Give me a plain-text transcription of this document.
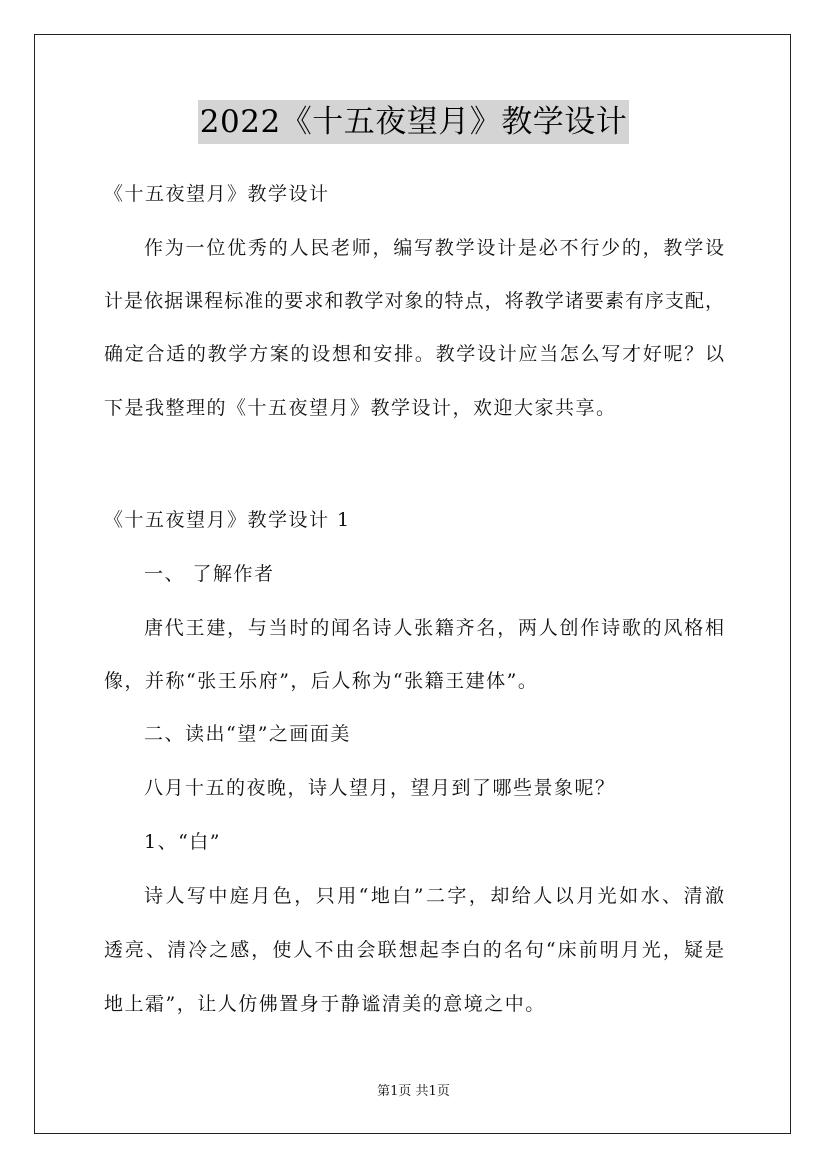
2022《十五夜望月》教学设计
《十五夜望月》教学设计
作为一位优秀的人民老师，编写教学设计是必不行少的，教学设
计是依据课程标准的要求和教学对象的特点，将教学诸要素有序支配，
确定合适的教学方案的设想和安排。教学设计应当怎么写才好呢？以
下是我整理的《十五夜望月》教学设计，欢迎大家共享。
《十五夜望月》教学设计 1
一、 了解作者
唐代王建，与当时的闻名诗人张籍齐名，两人创作诗歌的风格相
像，并称“张王乐府”，后人称为“张籍王建体”。
二、读出“望”之画面美
八月十五的夜晚，诗人望月，望月到了哪些景象呢？
1、“白”
诗人写中庭月色，只用“地白”二字，却给人以月光如水、清澈
透亮、清冷之感，使人不由会联想起李白的名句“床前明月光，疑是
地上霜”，让人仿佛置身于静谧清美的意境之中。
第1页 共1页
